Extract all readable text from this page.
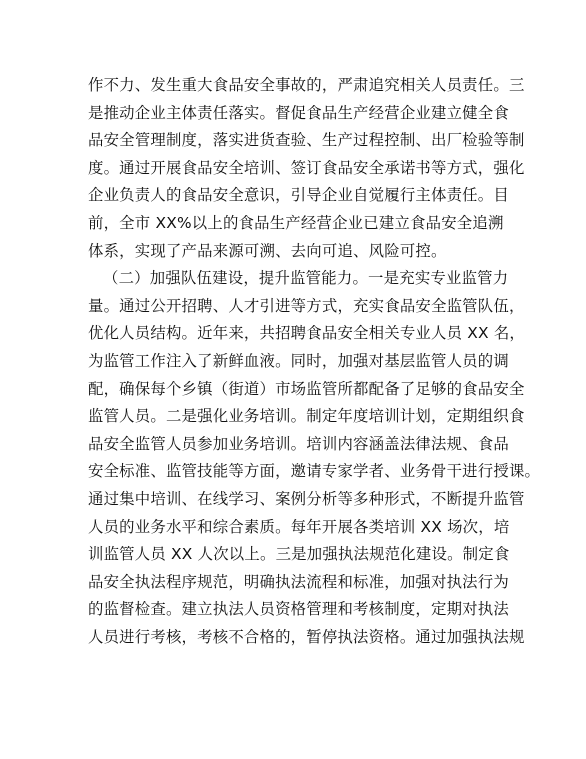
作不力、发生重大食品安全事故的，严肃追究相关人员责任。三
是推动企业主体责任落实。督促食品生产经营企业建立健全食
品安全管理制度，落实进货查验、生产过程控制、出厂检验等制
度。通过开展食品安全培训、签订食品安全承诺书等方式，强化
企业负责人的食品安全意识，引导企业自觉履行主体责任。目
前，全市 XX%以上的食品生产经营企业已建立食品安全追溯
体系，实现了产品来源可溯、去向可追、风险可控。
（二）加强队伍建设，提升监管能力。一是充实专业监管力
量。通过公开招聘、人才引进等方式，充实食品安全监管队伍，
优化人员结构。近年来，共招聘食品安全相关专业人员 XX 名，
为监管工作注入了新鲜血液。同时，加强对基层监管人员的调
配，确保每个乡镇（街道）市场监管所都配备了足够的食品安全
监管人员。二是强化业务培训。制定年度培训计划，定期组织食
品安全监管人员参加业务培训。培训内容涵盖法律法规、食品
安全标准、监管技能等方面，邀请专家学者、业务骨干进行授课。
通过集中培训、在线学习、案例分析等多种形式，不断提升监管
人员的业务水平和综合素质。每年开展各类培训 XX 场次，培
训监管人员 XX 人次以上。三是加强执法规范化建设。制定食
品安全执法程序规范，明确执法流程和标准，加强对执法行为
的监督检查。建立执法人员资格管理和考核制度，定期对执法
人员进行考核，考核不合格的，暂停执法资格。通过加强执法规
